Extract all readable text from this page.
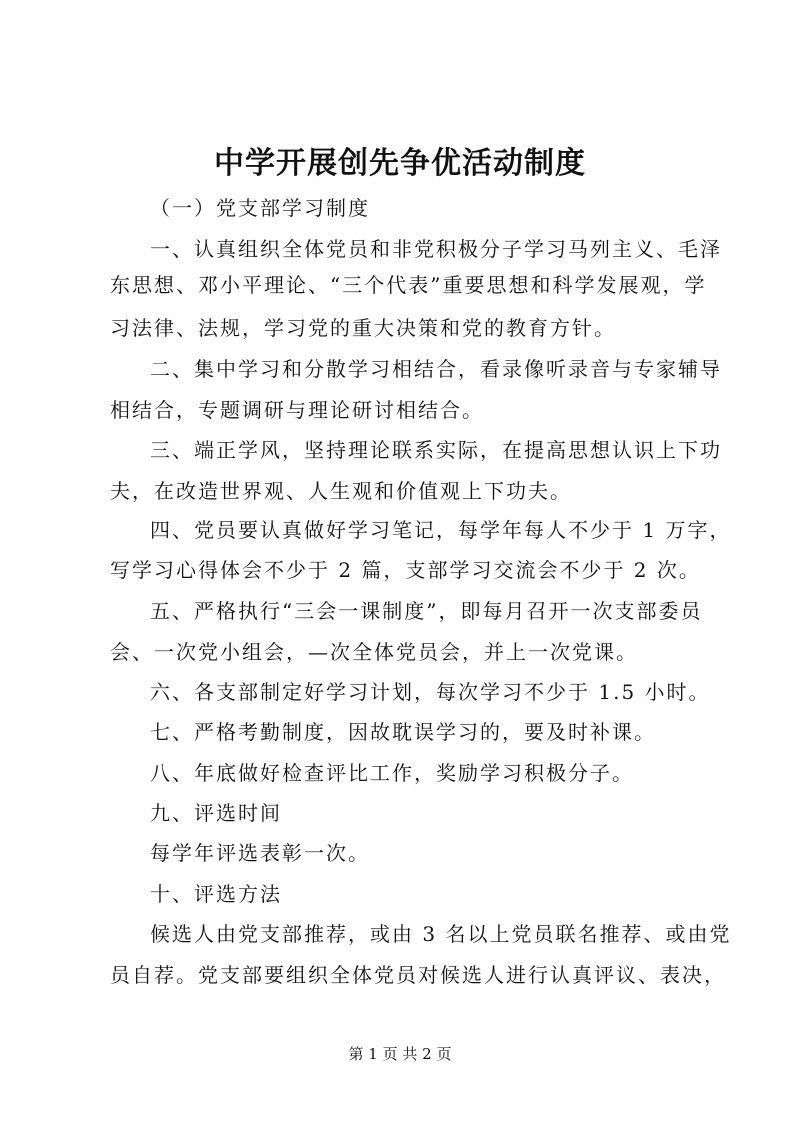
中学开展创先争优活动制度
（一）党支部学习制度
一、认真组织全体党员和非党积极分子学习马列主义、毛泽
东思想、邓小平理论、“三个代表”重要思想和科学发展观，学
习法律、法规，学习党的重大决策和党的教育方针。
二、集中学习和分散学习相结合，看录像听录音与专家辅导
相结合，专题调研与理论研讨相结合。
三、端正学风，坚持理论联系实际，在提高思想认识上下功
夫，在改造世界观、人生观和价值观上下功夫。
四、党员要认真做好学习笔记，每学年每人不少于 1 万字，
写学习心得体会不少于 2 篇，支部学习交流会不少于 2 次。
五、严格执行“三会一课制度”，即每月召开一次支部委员
会、一次党小组会，—次全体党员会，并上一次党课。
六、各支部制定好学习计划，每次学习不少于 1.5 小时。
七、严格考勤制度，因故耽误学习的，要及时补课。
八、年底做好检查评比工作，奖励学习积极分子。
九、评选时间
每学年评选表彰一次。
十、评选方法
候选人由党支部推荐，或由 3 名以上党员联名推荐、或由党
员自荐。党支部要组织全体党员对候选人进行认真评议、表决，
第 1 页 共 2 页
